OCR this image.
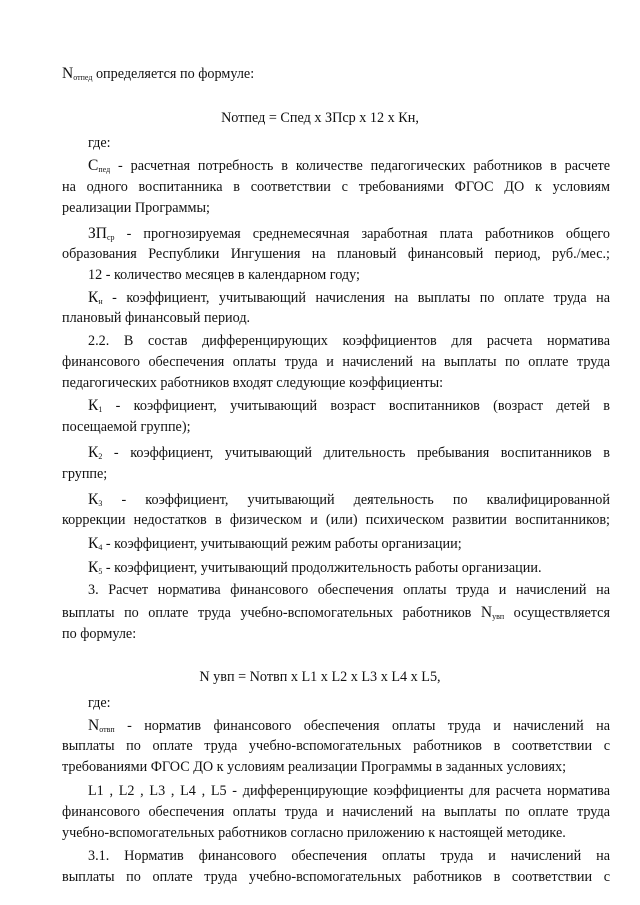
$N_{отпед}$ определяется по формуле:
Nотпед = Cпед х ЗПср х 12 х Кн,
где:
$C_{пед}$ - расчетная потребность в количестве педагогических работников в расчете
на одного воспитанника в соответствии с требованиями ФГОС ДО к условиям
реализации Программы;
$ЗП_{ср}$ - прогнозируемая среднемесячная заработная плата работников общего
образования Республики Ингушения на плановый финансовый период, руб./мес.;
12 - количество месяцев в календарном году;
$К_н$ - коэффициент, учитывающий начисления на выплаты по оплате труда на
плановый финансовый период.
2.2. В состав дифференцирующих коэффициентов для расчета норматива
финансового обеспечения оплаты труда и начислений на выплаты по оплате труда
педагогических работников входят следующие коэффициенты:
$К_1$ - коэффициент, учитывающий возраст воспитанников (возраст детей в
посещаемой группе);
$К_2$ - коэффициент, учитывающий длительность пребывания воспитанников в
группе;
$К_3$ - коэффициент, учитывающий деятельность по квалифицированной
коррекции недостатков в физическом и (или) психическом развитии воспитанников;
$К_4$ - коэффициент, учитывающий режим работы организации;
$К_5$ - коэффициент, учитывающий продолжительность работы организации.
3. Расчет норматива финансового обеспечения оплаты труда и начислений на
выплаты по оплате труда учебно-вспомогательных работников $N_{увп}$ осуществляется
по формуле:
N увп = Nотвп х L1 х L2 х L3 х L4 х L5,
где:
$N_{отвп}$ - норматив финансового обеспечения оплаты труда и начислений на
выплаты по оплате труда учебно-вспомогательных работников в соответствии с
требованиями ФГОС ДО к условиям реализации Программы в заданных условиях;
L1 , L2 , L3 , L4 , L5 - дифференцирующие коэффициенты для расчета норматива
финансового обеспечения оплаты труда и начислений на выплаты по оплате труда
учебно-вспомогательных работников согласно приложению к настоящей методике.
3.1. Норматив финансового обеспечения оплаты труда и начислений на
выплаты по оплате труда учебно-вспомогательных работников в соответствии с
